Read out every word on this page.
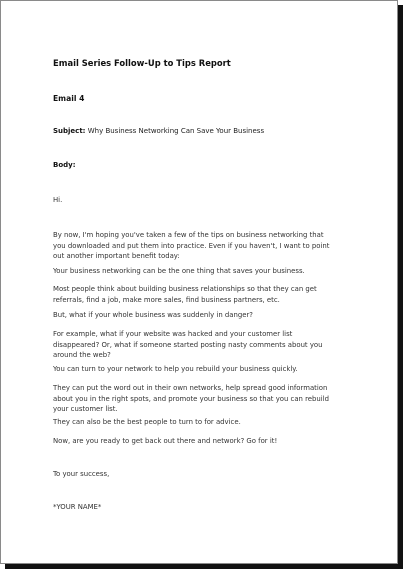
Email Series Follow-Up to Tips Report
Email 4
Subject: Why Business Networking Can Save Your Business
Body:
Hi.
By now, I'm hoping you've taken a few of the tips on business networking that
you downloaded and put them into practice. Even if you haven't, I want to point
out another important benefit today:
Your business networking can be the one thing that saves your business.
Most people think about building business relationships so that they can get
referrals, find a job, make more sales, find business partners, etc.
But, what if your whole business was suddenly in danger?
For example, what if your website was hacked and your customer list
disappeared? Or, what if someone started posting nasty comments about you
around the web?
You can turn to your network to help you rebuild your business quickly.
They can put the word out in their own networks, help spread good information
about you in the right spots, and promote your business so that you can rebuild
your customer list.
They can also be the best people to turn to for advice.
Now, are you ready to get back out there and network? Go for it!
To your success,
*YOUR NAME*
